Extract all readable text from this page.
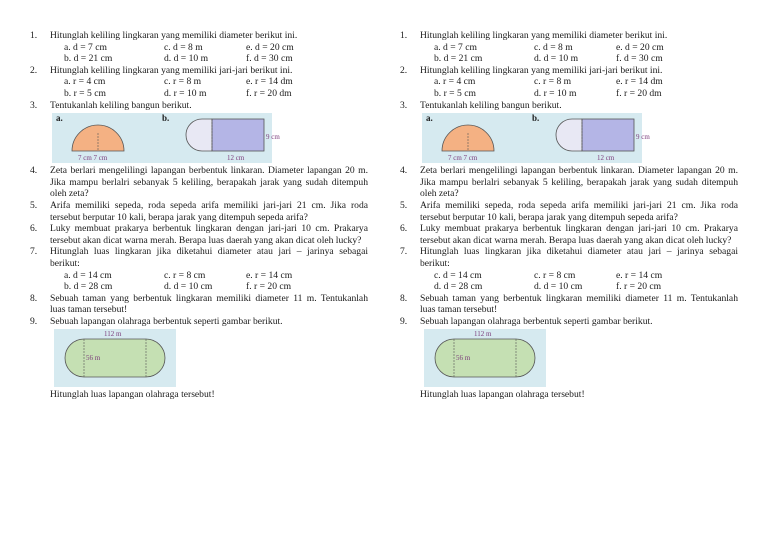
1. Hitunglah keliling lingkaran yang memiliki diameter berikut ini.
a. d = 7 cm	c. d = 8 m	e. d = 20 cm
b. d = 21 cm	d. d = 10 m	f. d = 30 cm
2. Hitunglah keliling lingkaran yang memiliki jari-jari berikut ini.
a. r = 4 cm	c. r = 8 m	e. r = 14 dm
b. r = 5 cm	d. r = 10 m	f. r = 20 dm
3. Tentukanlah keliling bangun berikut.
7 cm 7 cm
9 cm
12 cm
a.	b.
4. Zeta berlari mengelilingi lapangan berbentuk linkaran. Diameter lapangan 20 m. Jika mampu berlalri sebanyak 5 keliling, berapakah jarak yang sudah ditempuh oleh zeta?
5. Arifa memiliki sepeda, roda sepeda arifa memiliki jari-jari 21 cm. Jika roda tersebut berputar 10 kali, berapa jarak yang ditempuh sepeda arifa?
6. Luky membuat prakarya berbentuk lingkaran dengan jari-jari 10 cm. Prakarya tersebut akan dicat warna merah. Berapa luas daerah yang akan dicat oleh lucky?
7. Hitunglah luas lingkaran jika diketahui diameter atau jari – jarinya sebagai berikut:
a. d = 14 cm	c. r = 8 cm	e. r = 14 cm
b. d = 28 cm	d. d = 10 cm	f. r = 20 cm
8. Sebuah taman yang berbentuk lingkaran memiliki diameter 11 m. Tentukanlah luas taman tersebut!
9. Sebuah lapangan olahraga berbentuk seperti gambar berikut.
112 m
56 m
Hitunglah luas lapangan olahraga tersebut!
1. Hitunglah keliling lingkaran yang memiliki diameter berikut ini.
a. d = 7 cm	c. d = 8 m	e. d = 20 cm
b. d = 21 cm	d. d = 10 m	f. d = 30 cm
2. Hitunglah keliling lingkaran yang memiliki jari-jari berikut ini.
a. r = 4 cm	c. r = 8 m	e. r = 14 dm
b. r = 5 cm	d. r = 10 m	f. r = 20 dm
3. Tentukanlah keliling bangun berikut.
7 cm 7 cm
9 cm
12 cm
a.	b.
4. Zeta berlari mengelilingi lapangan berbentuk linkaran. Diameter lapangan 20 m. Jika mampu berlalri sebanyak 5 keliling, berapakah jarak yang sudah ditempuh oleh zeta?
5. Arifa memiliki sepeda, roda sepeda arifa memiliki jari-jari 21 cm. Jika roda tersebut berputar 10 kali, berapa jarak yang ditempuh sepeda arifa?
6. Luky membuat prakarya berbentuk lingkaran dengan jari-jari 10 cm. Prakarya tersebut akan dicat warna merah. Berapa luas daerah yang akan dicat oleh lucky?
7. Hitunglah luas lingkaran jika diketahui diameter atau jari – jarinya sebagai berikut:
c. d = 14 cm	c. r = 8 cm	e. r = 14 cm
d. d = 28 cm	d. d = 10 cm	f. r = 20 cm
8. Sebuah taman yang berbentuk lingkaran memiliki diameter 11 m. Tentukanlah luas taman tersebut!
9. Sebuah lapangan olahraga berbentuk seperti gambar berikut.
112 m
56 m
Hitunglah luas lapangan olahraga tersebut!
